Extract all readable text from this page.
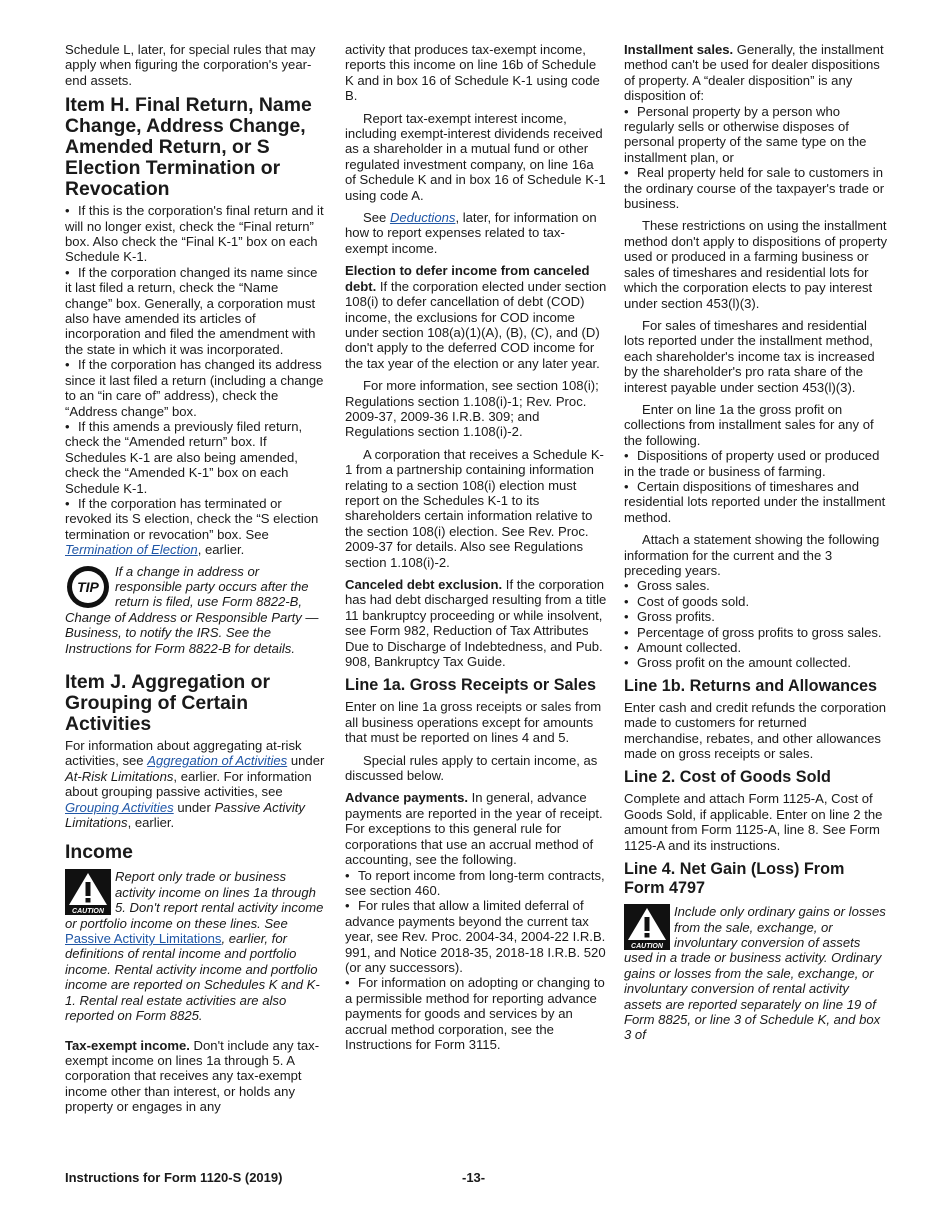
Schedule L, later, for special rules that may apply when figuring the corporation's year-end assets.

Item H. Final Return, Name Change, Address Change, Amended Return, or S Election Termination or Revocation
• If this is the corporation's final return and it will no longer exist, check the “Final return” box. Also check the “Final K-1” box on each Schedule K-1.
• If the corporation changed its name since it last filed a return, check the “Name change” box. Generally, a corporation must also have amended its articles of incorporation and filed the amendment with the state in which it was incorporated.
• If the corporation has changed its address since it last filed a return (including a change to an “in care of” address), check the “Address change” box.
• If this amends a previously filed return, check the “Amended return” box. If Schedules K-1 are also being amended, check the “Amended K-1” box on each Schedule K-1.
• If the corporation has terminated or revoked its S election, check the “S election termination or revocation” box. See Termination of Election, earlier.
TIP
If a change in address or responsible party occurs after the return is filed, use Form 8822-B, Change of Address or Responsible Party — Business, to notify the IRS. See the Instructions for Form 8822-B for details.
Item J. Aggregation or Grouping of Certain Activities

For information about aggregating at-risk activities, see Aggregation of Activities under At-Risk Limitations, earlier. For information about grouping passive activities, see Grouping Activities under Passive Activity Limitations, earlier.

Income
CAUTION
Report only trade or business activity income on lines 1a through 5. Don't report rental activity income or portfolio income on these lines. See Passive Activity Limitations, earlier, for definitions of rental income and portfolio income. Rental activity income and portfolio income are reported on Schedules K and K-1. Rental real estate activities are also reported on Form 8825.

Tax-exempt income. Don't include any tax-exempt income on lines 1a through 5. A corporation that receives any tax-exempt income other than interest, or holds any property or engages in any

activity that produces tax-exempt income, reports this income on line 16b of Schedule K and in box 16 of Schedule K-1 using code B.

Report tax-exempt interest income, including exempt-interest dividends received as a shareholder in a mutual fund or other regulated investment company, on line 16a of Schedule K and in box 16 of Schedule K-1 using code A.

See Deductions, later, for information on how to report expenses related to tax-exempt income.

Election to defer income from canceled debt. If the corporation elected under section 108(i) to defer cancellation of debt (COD) income, the exclusions for COD income under section 108(a)(1)(A), (B), (C), and (D) don't apply to the deferred COD income for the tax year of the election or any later year.

For more information, see section 108(i); Regulations section 1.108(i)-1; Rev. Proc. 2009-37, 2009-36 I.R.B. 309; and Regulations section 1.108(i)-2.

A corporation that receives a Schedule K-1 from a partnership containing information relating to a section 108(i) election must report on the Schedules K-1 to its shareholders certain information relative to the section 108(i) election. See Rev. Proc. 2009-37 for details. Also see Regulations section 1.108(i)-2.

Canceled debt exclusion. If the corporation has had debt discharged resulting from a title 11 bankruptcy proceeding or while insolvent, see Form 982, Reduction of Tax Attributes Due to Discharge of Indebtedness, and Pub. 908, Bankruptcy Tax Guide.

Line 1a. Gross Receipts or Sales

Enter on line 1a gross receipts or sales from all business operations except for amounts that must be reported on lines 4 and 5.

Special rules apply to certain income, as discussed below.

Advance payments. In general, advance payments are reported in the year of receipt. For exceptions to this general rule for corporations that use an accrual method of accounting, see the following.

• To report income from long-term contracts, see section 460.
• For rules that allow a limited deferral of advance payments beyond the current tax year, see Rev. Proc. 2004-34, 2004-22 I.R.B. 991, and Notice 2018-35, 2018-18 I.R.B. 520 (or any successors).
• For information on adopting or changing to a permissible method for reporting advance payments for goods and services by an accrual method corporation, see the Instructions for Form 3115.

Installment sales. Generally, the installment method can't be used for dealer dispositions of property. A “dealer disposition” is any disposition of:

• Personal property by a person who regularly sells or otherwise disposes of personal property of the same type on the installment plan, or
• Real property held for sale to customers in the ordinary course of the taxpayer's trade or business.

These restrictions on using the installment method don't apply to dispositions of property used or produced in a farming business or sales of timeshares and residential lots for which the corporation elects to pay interest under section 453(l)(3).

For sales of timeshares and residential lots reported under the installment method, each shareholder's income tax is increased by the shareholder's pro rata share of the interest payable under section 453(l)(3).

Enter on line 1a the gross profit on collections from installment sales for any of the following.

• Dispositions of property used or produced in the trade or business of farming.
• Certain dispositions of timeshares and residential lots reported under the installment method.

Attach a statement showing the following information for the current and the 3 preceding years.

• Gross sales.
• Cost of goods sold.
• Gross profits.
• Percentage of gross profits to gross sales.
• Amount collected.
• Gross profit on the amount collected.
Line 1b. Returns and Allowances

Enter cash and credit refunds the corporation made to customers for returned merchandise, rebates, and other allowances made on gross receipts or sales.

Line 2. Cost of Goods Sold

Complete and attach Form 1125-A, Cost of Goods Sold, if applicable. Enter on line 2 the amount from Form 1125-A, line 8. See Form 1125-A and its instructions.

Line 4. Net Gain (Loss) From Form 4797
CAUTION
Include only ordinary gains or losses from the sale, exchange, or involuntary conversion of assets used in a trade or business activity. Ordinary gains or losses from the sale, exchange, or involuntary conversion of rental activity assets are reported separately on line 19 of Form 8825, or line 3 of Schedule K, and box 3 of
Instructions for Form 1120-S (2019)	-13-
